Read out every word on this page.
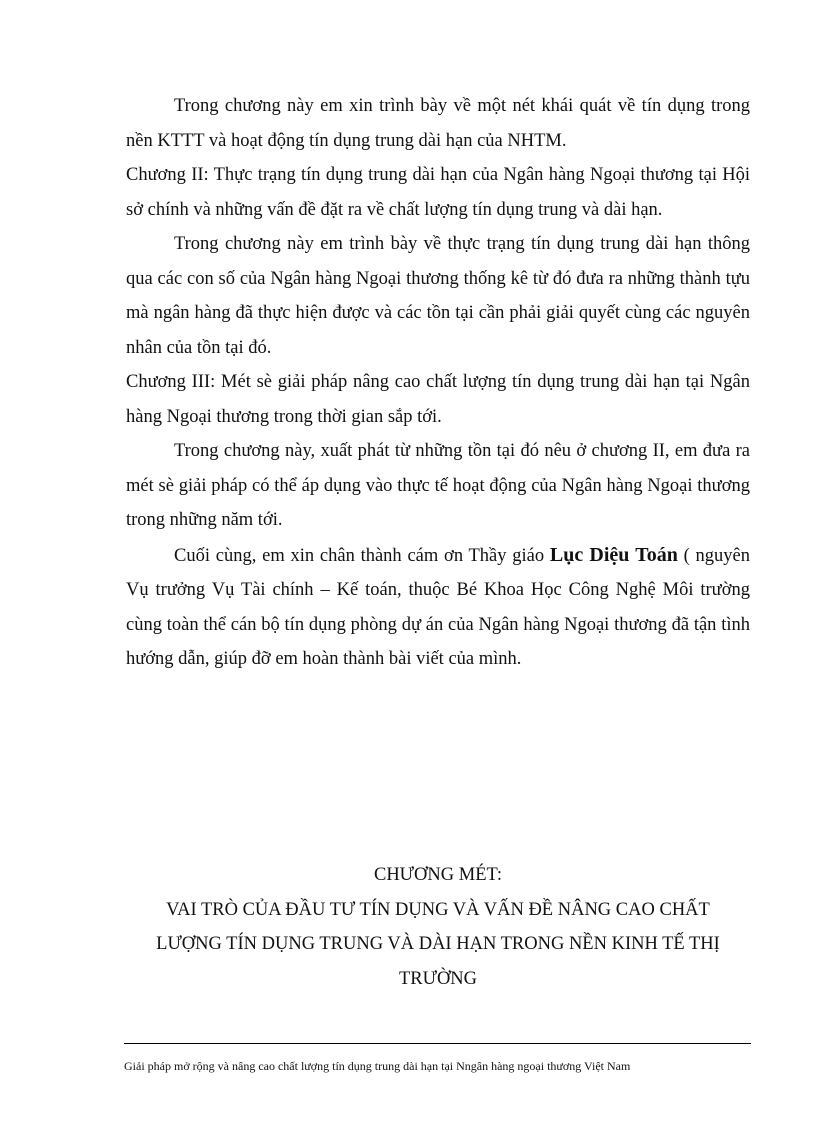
Trong chương này em xin trình bày về một nét khái quát về tín dụng trong nền KTTT và hoạt động tín dụng trung dài hạn của NHTM.

Chương II: Thực trạng tín dụng trung dài hạn của Ngân hàng Ngoại thương tại Hội sở chính và những vấn đề đặt ra về chất lượng tín dụng trung và dài hạn.

Trong chương này em trình bày về thực trạng tín dụng trung dài hạn thông qua các con số của Ngân hàng Ngoại thương thống kê từ đó đưa ra những thành tựu mà ngân hàng đã thực hiện được và các tồn tại cần phải giải quyết cùng các nguyên nhân của tồn tại đó.

Chương III: Mét sè giải pháp nâng cao chất lượng tín dụng trung dài hạn tại Ngân hàng Ngoại thương trong thời gian sắp tới.

Trong chương này, xuất phát từ những tồn tại đó nêu ở chương II, em đưa ra mét sè giải pháp có thể áp dụng vào thực tế hoạt động của Ngân hàng Ngoại thương trong những năm tới.

Cuối cùng, em xin chân thành cám ơn Thầy giáo Lục Diệu Toán ( nguyên Vụ trưởng Vụ Tài chính – Kế toán, thuộc Bé Khoa Học Công Nghệ Môi trường cùng toàn thể cán bộ tín dụng phòng dự án của Ngân hàng Ngoại thương đã tận tình hướng dẫn, giúp đỡ em hoàn thành bài viết của mình.

CHƯƠNG MÉT:
VAI TRÒ CỦA ĐẦU TƯ TÍN DỤNG VÀ VẤN ĐỀ NÂNG CAO CHẤT
LƯỢNG TÍN DỤNG TRUNG VÀ DÀI HẠN TRONG NỀN KINH TẾ THỊ
TRƯỜNG
Giải pháp mở rộng và nâng cao chất lượng tín dụng trung dài hạn tại Nngân hàng ngoại thương Việt Nam
